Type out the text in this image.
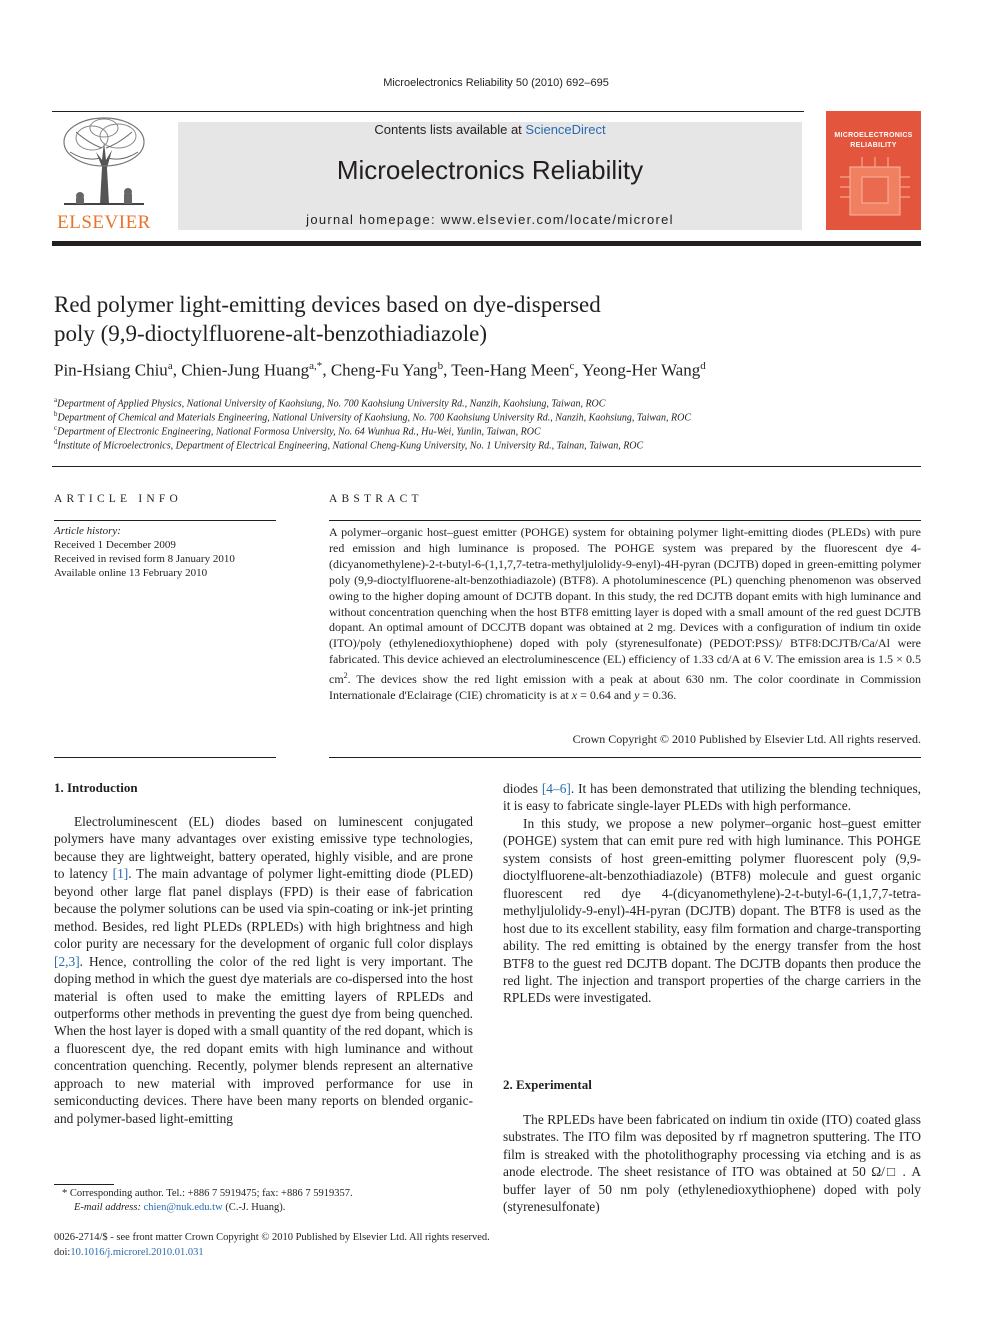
Microelectronics Reliability 50 (2010) 692–695
ELSEVIER
Contents lists available at ScienceDirect
Microelectronics Reliability
journal homepage: www.elsevier.com/locate/microrel
MICROELECTRONICS
RELIABILITY
Red polymer light-emitting devices based on dye-dispersed
poly (9,9-dioctylfluorene-alt-benzothiadiazole)
Pin-Hsiang Chiu$^a$, Chien-Jung Huang$^{a,*}$, Cheng-Fu Yang$^b$, Teen-Hang Meen$^c$, Yeong-Her Wang$^d$
$^a$Department of Applied Physics, National University of Kaohsiung, No. 700 Kaohsiung University Rd., Nanzih, Kaohsiung, Taiwan, ROC
$^b$Department of Chemical and Materials Engineering, National University of Kaohsiung, No. 700 Kaohsiung University Rd., Nanzih, Kaohsiung, Taiwan, ROC
$^c$Department of Electronic Engineering, National Formosa University, No. 64 Wunhua Rd., Hu-Wei, Yunlin, Taiwan, ROC
$^d$Institute of Microelectronics, Department of Electrical Engineering, National Cheng-Kung University, No. 1 University Rd., Tainan, Taiwan, ROC
ARTICLE INFO
Article history:
Received 1 December 2009
Received in revised form 8 January 2010
Available online 13 February 2010
ABSTRACT
A polymer–organic host–guest emitter (POHGE) system for obtaining polymer light-emitting diodes (PLEDs) with pure red emission and high luminance is proposed. The POHGE system was prepared by the fluorescent dye 4-(dicyanomethylene)-2-t-butyl-6-(1,1,7,7-tetra-methyljulolidy-9-enyl)-4H-pyran (DCJTB) doped in green-emitting polymer poly (9,9-dioctylfluorene-alt-benzothiadiazole) (BTF8). A photoluminescence (PL) quenching phenomenon was observed owing to the higher doping amount of DCJTB dopant. In this study, the red DCJTB dopant emits with high luminance and without concentration quenching when the host BTF8 emitting layer is doped with a small amount of the red guest DCJTB dopant. An optimal amount of DCCJTB dopant was obtained at 2 mg. Devices with a configuration of indium tin oxide (ITO)/poly (ethylenedioxythiophene) doped with poly (styrenesulfonate) (PEDOT:PSS)/ BTF8:DCJTB/Ca/Al were fabricated. This device achieved an electroluminescence (EL) efficiency of 1.33 cd/A at 6 V. The emission area is 1.5 × 0.5 $cm^2$. The devices show the red light emission with a peak at about 630 nm. The color coordinate in Commission Internationale d'Eclairage (CIE) chromaticity is at x = 0.64 and y = 0.36.
Crown Copyright © 2010 Published by Elsevier Ltd. All rights reserved.
1. Introduction

Electroluminescent (EL) diodes based on luminescent conjugated polymers have many advantages over existing emissive type technologies, because they are lightweight, battery operated, highly visible, and are prone to latency [1]. The main advantage of polymer light-emitting diode (PLED) beyond other large flat panel displays (FPD) is their ease of fabrication because the polymer solutions can be used via spin-coating or ink-jet printing method. Besides, red light PLEDs (RPLEDs) with high brightness and high color purity are necessary for the development of organic full color displays [2,3]. Hence, controlling the color of the red light is very important. The doping method in which the guest dye materials are co-dispersed into the host material is often used to make the emitting layers of RPLEDs and outperforms other methods in preventing the guest dye from being quenched. When the host layer is doped with a small quantity of the red dopant, which is a fluorescent dye, the red dopant emits with high luminance and without concentration quenching. Recently, polymer blends represent an alternative approach to new material with improved performance for use in semiconducting devices. There have been many reports on blended organic- and polymer-based light-emitting

diodes [4–6]. It has been demonstrated that utilizing the blending techniques, it is easy to fabricate single-layer PLEDs with high performance.

In this study, we propose a new polymer–organic host–guest emitter (POHGE) system that can emit pure red with high luminance. This POHGE system consists of host green-emitting polymer fluorescent poly (9,9-dioctylfluorene-alt-benzothiadiazole) (BTF8) molecule and guest organic fluorescent red dye 4-(dicyanomethylene)-2-t-butyl-6-(1,1,7,7-tetra-methyljulolidy-9-enyl)-4H-pyran (DCJTB) dopant. The BTF8 is used as the host due to its excellent stability, easy film formation and charge-transporting ability. The red emitting is obtained by the energy transfer from the host BTF8 to the guest red DCJTB dopant. The DCJTB dopants then produce the red light. The injection and transport properties of the charge carriers in the RPLEDs were investigated.

2. Experimental

The RPLEDs have been fabricated on indium tin oxide (ITO) coated glass substrates. The ITO film was deposited by rf magnetron sputtering. The ITO film is streaked with the photolithography processing via etching and is as anode electrode. The sheet resistance of ITO was obtained at 50 Ω/□ . A buffer layer of 50 nm poly (ethylenedioxythiophene) doped with poly (styrenesulfonate)

* Corresponding author. Tel.: +886 7 5919475; fax: +886 7 5919357.
E-mail address: chien@nuk.edu.tw (C.-J. Huang).
0026-2714/$ - see front matter Crown Copyright © 2010 Published by Elsevier Ltd. All rights reserved.
doi:10.1016/j.microrel.2010.01.031
